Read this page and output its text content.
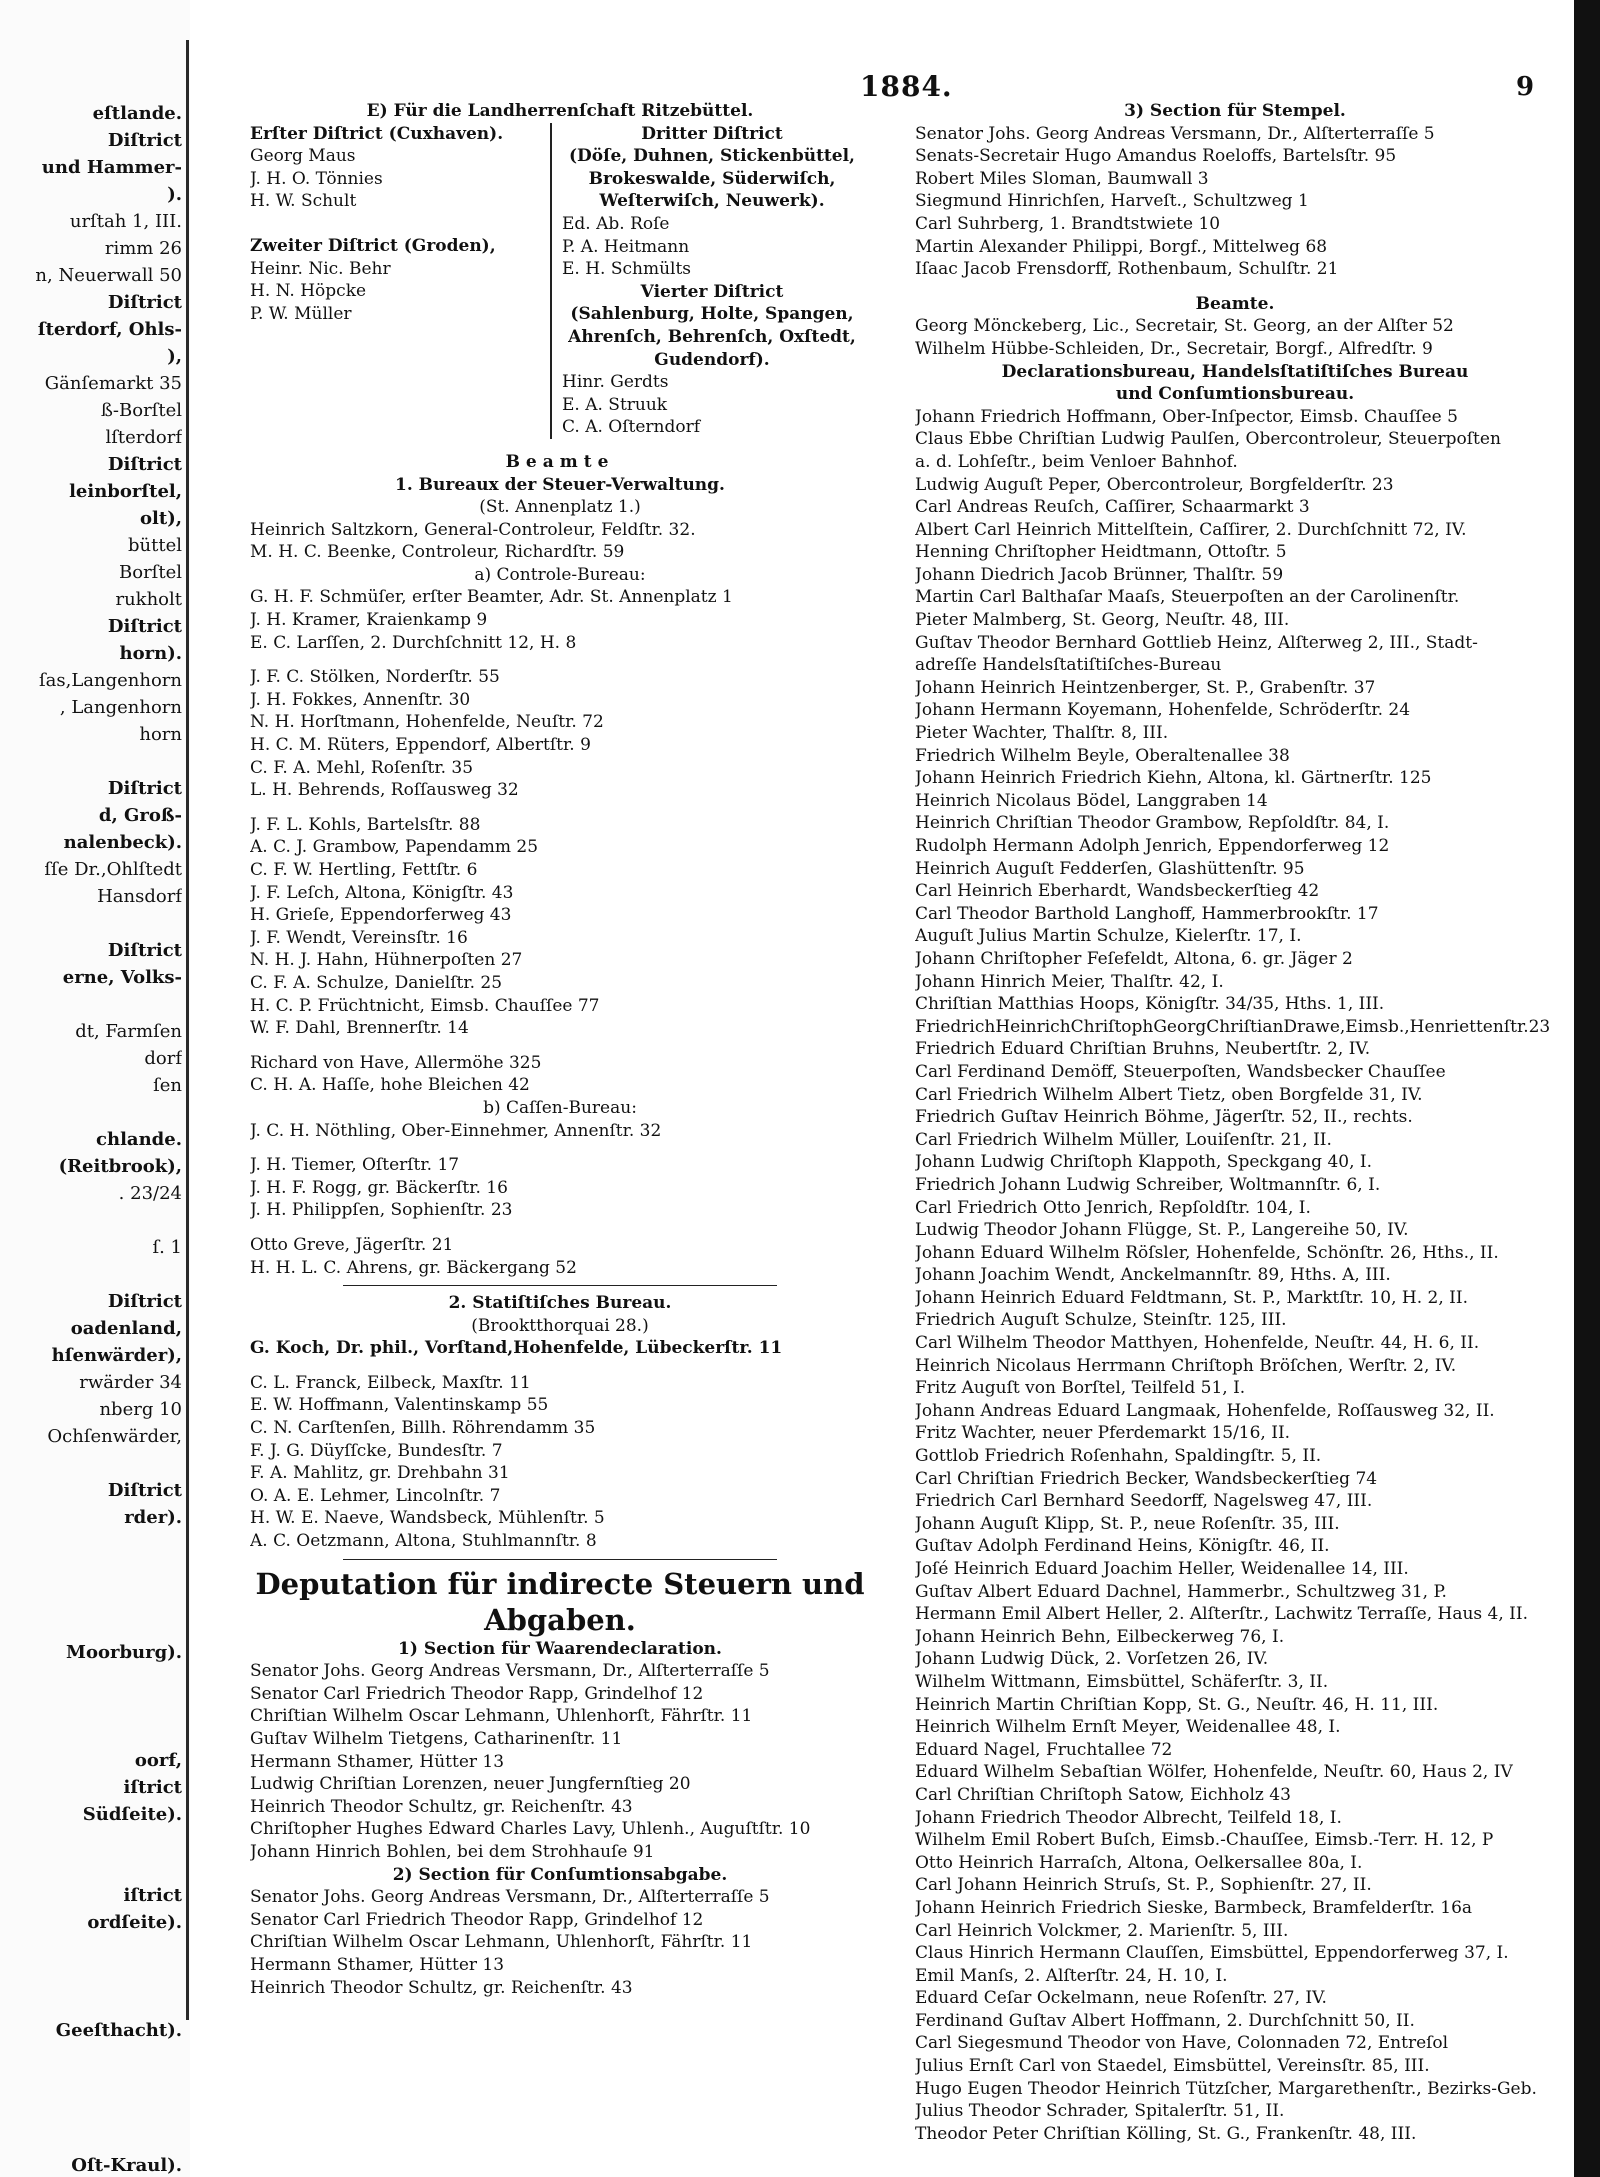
eſtlande.
Diſtrict
und Hammer-
).
urſtah 1, III.
rimm 26
n, Neuerwall 50
Diſtrict
ſterdorf, Ohls-
),
Gänſemarkt 35
ß-Borſtel
lſterdorf
Diſtrict
leinborſtel,
olt),
büttel
Borſtel
rukholt
Diſtrict
horn).
ſas,Langenhorn
, Langenhorn
horn
Diſtrict
d, Groß-
nalenbeck).
ſſe Dr.,Ohlſtedt
Hansdorf
Diſtrict
erne, Volks-
dt, Farmſen
dorf
ſen
chlande.
(Reitbrook),
. 23/24
ſ. 1
Diſtrict
oadenland,
hſenwärder),
rwärder 34
nberg 10
Ochſenwärder,
Diſtrict
rder).
Moorburg).
oorf,
iſtrict
Südſeite).
iſtrict
ordſeite).
Geeſthacht).
Oſt-Kraul).
1884.	9
E) Für die Landherrenſchaft Ritzebüttel.
Erſter Diſtrict (Cuxhaven).
Georg Maus
J. H. O. Tönnies
H. W. Schult
Zweiter Diſtrict (Groden),
Heinr. Nic. Behr
H. N. Höpcke
P. W. Müller
Dritter Diſtrict
(Döſe, Duhnen, Stickenbüttel,
Brokeswalde, Süderwiſch,
Weſterwiſch, Neuwerk).
Ed. Ab. Roſe
P. A. Heitmann
E. H. Schmülts
Vierter Diſtrict
(Sahlenburg, Holte, Spangen,
Ahrenſch, Behrenſch, Oxſtedt,
Gudendorf).
Hinr. Gerdts
E. A. Struuk
C. A. Oſterndorf
Beamte
1. Bureaux der Steuer-Verwaltung.
(St. Annenplatz 1.)
Heinrich Saltzkorn, General-Controleur, Feldſtr. 32.
M. H. C. Beenke, Controleur, Richardſtr. 59
a) Controle-Bureau:
G. H. F. Schmüſer, erſter Beamter, Adr. St. Annenplatz 1
J. H. Kramer, Kraienkamp 9
E. C. Larſſen, 2. Durchſchnitt 12, H. 8
J. F. C. Stölken, Norderſtr. 55
J. H. Fokkes, Annenſtr. 30
N. H. Horſtmann, Hohenfelde, Neuſtr. 72
H. C. M. Rüters, Eppendorf, Albertſtr. 9
C. F. A. Mehl, Roſenſtr. 35
L. H. Behrends, Roſſausweg 32
J. F. L. Kohls, Bartelsſtr. 88
A. C. J. Grambow, Papendamm 25
C. F. W. Hertling, Fettſtr. 6
J. F. Leſch, Altona, Königſtr. 43
H. Grieſe, Eppendorferweg 43
J. F. Wendt, Vereinsſtr. 16
N. H. J. Hahn, Hühnerpoſten 27
C. F. A. Schulze, Danielſtr. 25
H. C. P. Früchtnicht, Eimsb. Chauſſee 77
W. F. Dahl, Brennerſtr. 14
Richard von Have, Allermöhe 325
C. H. A. Haſſe, hohe Bleichen 42
b) Caſſen-Bureau:
J. C. H. Nöthling, Ober-Einnehmer, Annenſtr. 32
J. H. Tiemer, Oſterſtr. 17
J. H. F. Rogg, gr. Bäckerſtr. 16
J. H. Philippſen, Sophienſtr. 23
Otto Greve, Jägerſtr. 21
H. H. L. C. Ahrens, gr. Bäckergang 52
2. Statiſtiſches Bureau.
(Brooktthorquai 28.)
G. Koch, Dr. phil., Vorſtand,Hohenfelde, Lübeckerſtr. 11
C. L. Franck, Eilbeck, Maxſtr. 11
E. W. Hoffmann, Valentinskamp 55
C. N. Carſtenſen, Billh. Röhrendamm 35
F. J. G. Düyſſcke, Bundesſtr. 7
F. A. Mahlitz, gr. Drehbahn 31
O. A. E. Lehmer, Lincolnſtr. 7
H. W. E. Naeve, Wandsbeck, Mühlenſtr. 5
A. C. Oetzmann, Altona, Stuhlmannſtr. 8
Deputation für indirecte Steuern und
Abgaben.
1) Section für Waarendeclaration.
Senator Johs. Georg Andreas Versmann, Dr., Alſterterraſſe 5
Senator Carl Friedrich Theodor Rapp, Grindelhof 12
Chriſtian Wilhelm Oscar Lehmann, Uhlenhorſt, Fährſtr. 11
Guſtav Wilhelm Tietgens, Catharinenſtr. 11
Hermann Sthamer, Hütter 13
Ludwig Chriſtian Lorenzen, neuer Jungfernſtieg 20
Heinrich Theodor Schultz, gr. Reichenſtr. 43
Chriſtopher Hughes Edward Charles Lavy, Uhlenh., Auguſtſtr. 10
Johann Hinrich Bohlen, bei dem Strohhauſe 91
2) Section für Conſumtionsabgabe.
Senator Johs. Georg Andreas Versmann, Dr., Alſterterraſſe 5
Senator Carl Friedrich Theodor Rapp, Grindelhof 12
Chriſtian Wilhelm Oscar Lehmann, Uhlenhorſt, Fährſtr. 11
Hermann Sthamer, Hütter 13
Heinrich Theodor Schultz, gr. Reichenſtr. 43
3) Section für Stempel.
Senator Johs. Georg Andreas Versmann, Dr., Alſterterraſſe 5
Senats-Secretair Hugo Amandus Roeloffs, Bartelsſtr. 95
Robert Miles Sloman, Baumwall 3
Siegmund Hinrichſen, Harveſt., Schultzweg 1
Carl Suhrberg, 1. Brandtstwiete 10
Martin Alexander Philippi, Borgf., Mittelweg 68
Iſaac Jacob Frensdorff, Rothenbaum, Schulſtr. 21
Beamte.
Georg Mönckeberg, Lic., Secretair, St. Georg, an der Alſter 52
Wilhelm Hübbe-Schleiden, Dr., Secretair, Borgf., Alfredſtr. 9
Declarationsbureau, Handelsſtatiſtiſches Bureau
und Conſumtionsbureau.
Johann Friedrich Hoffmann, Ober-Inſpector, Eimsb. Chauſſee 5
Claus Ebbe Chriſtian Ludwig Paulſen, Obercontroleur, Steuerpoſten
a. d. Lohſeſtr., beim Venloer Bahnhof.
Ludwig Auguſt Peper, Obercontroleur, Borgfelderſtr. 23
Carl Andreas Reuſch, Caſſirer, Schaarmarkt 3
Albert Carl Heinrich Mittelſtein, Caſſirer, 2. Durchſchnitt 72, IV.
Henning Chriſtopher Heidtmann, Ottoſtr. 5
Johann Diedrich Jacob Brünner, Thalſtr. 59
Martin Carl Balthaſar Maaſs, Steuerpoſten an der Carolinenſtr.
Pieter Malmberg, St. Georg, Neuſtr. 48, III.
Guſtav Theodor Bernhard Gottlieb Heinz, Alſterweg 2, III., Stadt-
adreſſe Handelsſtatiſtiſches-Bureau
Johann Heinrich Heintzenberger, St. P., Grabenſtr. 37
Johann Hermann Koyemann, Hohenfelde, Schröderſtr. 24
Pieter Wachter, Thalſtr. 8, III.
Friedrich Wilhelm Beyle, Oberaltenallee 38
Johann Heinrich Friedrich Kiehn, Altona, kl. Gärtnerſtr. 125
Heinrich Nicolaus Bödel, Langgraben 14
Heinrich Chriſtian Theodor Grambow, Repſoldſtr. 84, I.
Rudolph Hermann Adolph Jenrich, Eppendorferweg 12
Heinrich Auguſt Fedderſen, Glashüttenſtr. 95
Carl Heinrich Eberhardt, Wandsbeckerſtieg 42
Carl Theodor Barthold Langhoff, Hammerbrookſtr. 17
Auguſt Julius Martin Schulze, Kielerſtr. 17, I.
Johann Chriſtopher Feſefeldt, Altona, 6. gr. Jäger 2
Johann Hinrich Meier, Thalſtr. 42, I.
Chriſtian Matthias Hoops, Königſtr. 34/35, Hths. 1, III.
FriedrichHeinrichChriſtophGeorgChriſtianDrawe,Eimsb.,Henriettenſtr.23
Friedrich Eduard Chriſtian Bruhns, Neubertſtr. 2, IV.
Carl Ferdinand Demöff, Steuerpoſten, Wandsbecker Chauſſee
Carl Friedrich Wilhelm Albert Tietz, oben Borgfelde 31, IV.
Friedrich Guſtav Heinrich Böhme, Jägerſtr. 52, II., rechts.
Carl Friedrich Wilhelm Müller, Louiſenſtr. 21, II.
Johann Ludwig Chriſtoph Klappoth, Speckgang 40, I.
Friedrich Johann Ludwig Schreiber, Woltmannſtr. 6, I.
Carl Friedrich Otto Jenrich, Repſoldſtr. 104, I.
Ludwig Theodor Johann Flügge, St. P., Langereihe 50, IV.
Johann Eduard Wilhelm Röſsler, Hohenfelde, Schönſtr. 26, Hths., II.
Johann Joachim Wendt, Anckelmannſtr. 89, Hths. A, III.
Johann Heinrich Eduard Feldtmann, St. P., Marktſtr. 10, H. 2, II.
Friedrich Auguſt Schulze, Steinſtr. 125, III.
Carl Wilhelm Theodor Matthyen, Hohenfelde, Neuſtr. 44, H. 6, II.
Heinrich Nicolaus Herrmann Chriſtoph Bröſchen, Werſtr. 2, IV.
Fritz Auguſt von Borſtel, Teilfeld 51, I.
Johann Andreas Eduard Langmaak, Hohenfelde, Roſſausweg 32, II.
Fritz Wachter, neuer Pferdemarkt 15/16, II.
Gottlob Friedrich Roſenhahn, Spaldingſtr. 5, II.
Carl Chriſtian Friedrich Becker, Wandsbeckerſtieg 74
Friedrich Carl Bernhard Seedorff, Nagelsweg 47, III.
Johann Auguſt Klipp, St. P., neue Roſenſtr. 35, III.
Guſtav Adolph Ferdinand Heins, Königſtr. 46, II.
Joſé Heinrich Eduard Joachim Heller, Weidenallee 14, III.
Guſtav Albert Eduard Dachnel, Hammerbr., Schultzweg 31, P.
Hermann Emil Albert Heller, 2. Alſterſtr., Lachwitz Terraſſe, Haus 4, II.
Johann Heinrich Behn, Eilbeckerweg 76, I.
Johann Ludwig Dück, 2. Vorſetzen 26, IV.
Wilhelm Wittmann, Eimsbüttel, Schäferſtr. 3, II.
Heinrich Martin Chriſtian Kopp, St. G., Neuſtr. 46, H. 11, III.
Heinrich Wilhelm Ernſt Meyer, Weidenallee 48, I.
Eduard Nagel, Fruchtallee 72
Eduard Wilhelm Sebaſtian Wölfer, Hohenfelde, Neuſtr. 60, Haus 2, IV
Carl Chriſtian Chriſtoph Satow, Eichholz 43
Johann Friedrich Theodor Albrecht, Teilfeld 18, I.
Wilhelm Emil Robert Buſch, Eimsb.-Chauſſee, Eimsb.-Terr. H. 12, P
Otto Heinrich Harraſch, Altona, Oelkersallee 80a, I.
Carl Johann Heinrich Struſs, St. P., Sophienſtr. 27, II.
Johann Heinrich Friedrich Sieske, Barmbeck, Bramfelderſtr. 16a
Carl Heinrich Volckmer, 2. Marienſtr. 5, III.
Claus Hinrich Hermann Clauſſen, Eimsbüttel, Eppendorferweg 37, I.
Emil Manſs, 2. Alſterſtr. 24, H. 10, I.
Eduard Ceſar Ockelmann, neue Roſenſtr. 27, IV.
Ferdinand Guſtav Albert Hoffmann, 2. Durchſchnitt 50, II.
Carl Siegesmund Theodor von Have, Colonnaden 72, Entreſol
Julius Ernſt Carl von Staedel, Eimsbüttel, Vereinsſtr. 85, III.
Hugo Eugen Theodor Heinrich Tützſcher, Margarethenſtr., Bezirks-Geb.
Julius Theodor Schrader, Spitalerſtr. 51, II.
Theodor Peter Chriſtian Kölling, St. G., Frankenſtr. 48, III.
